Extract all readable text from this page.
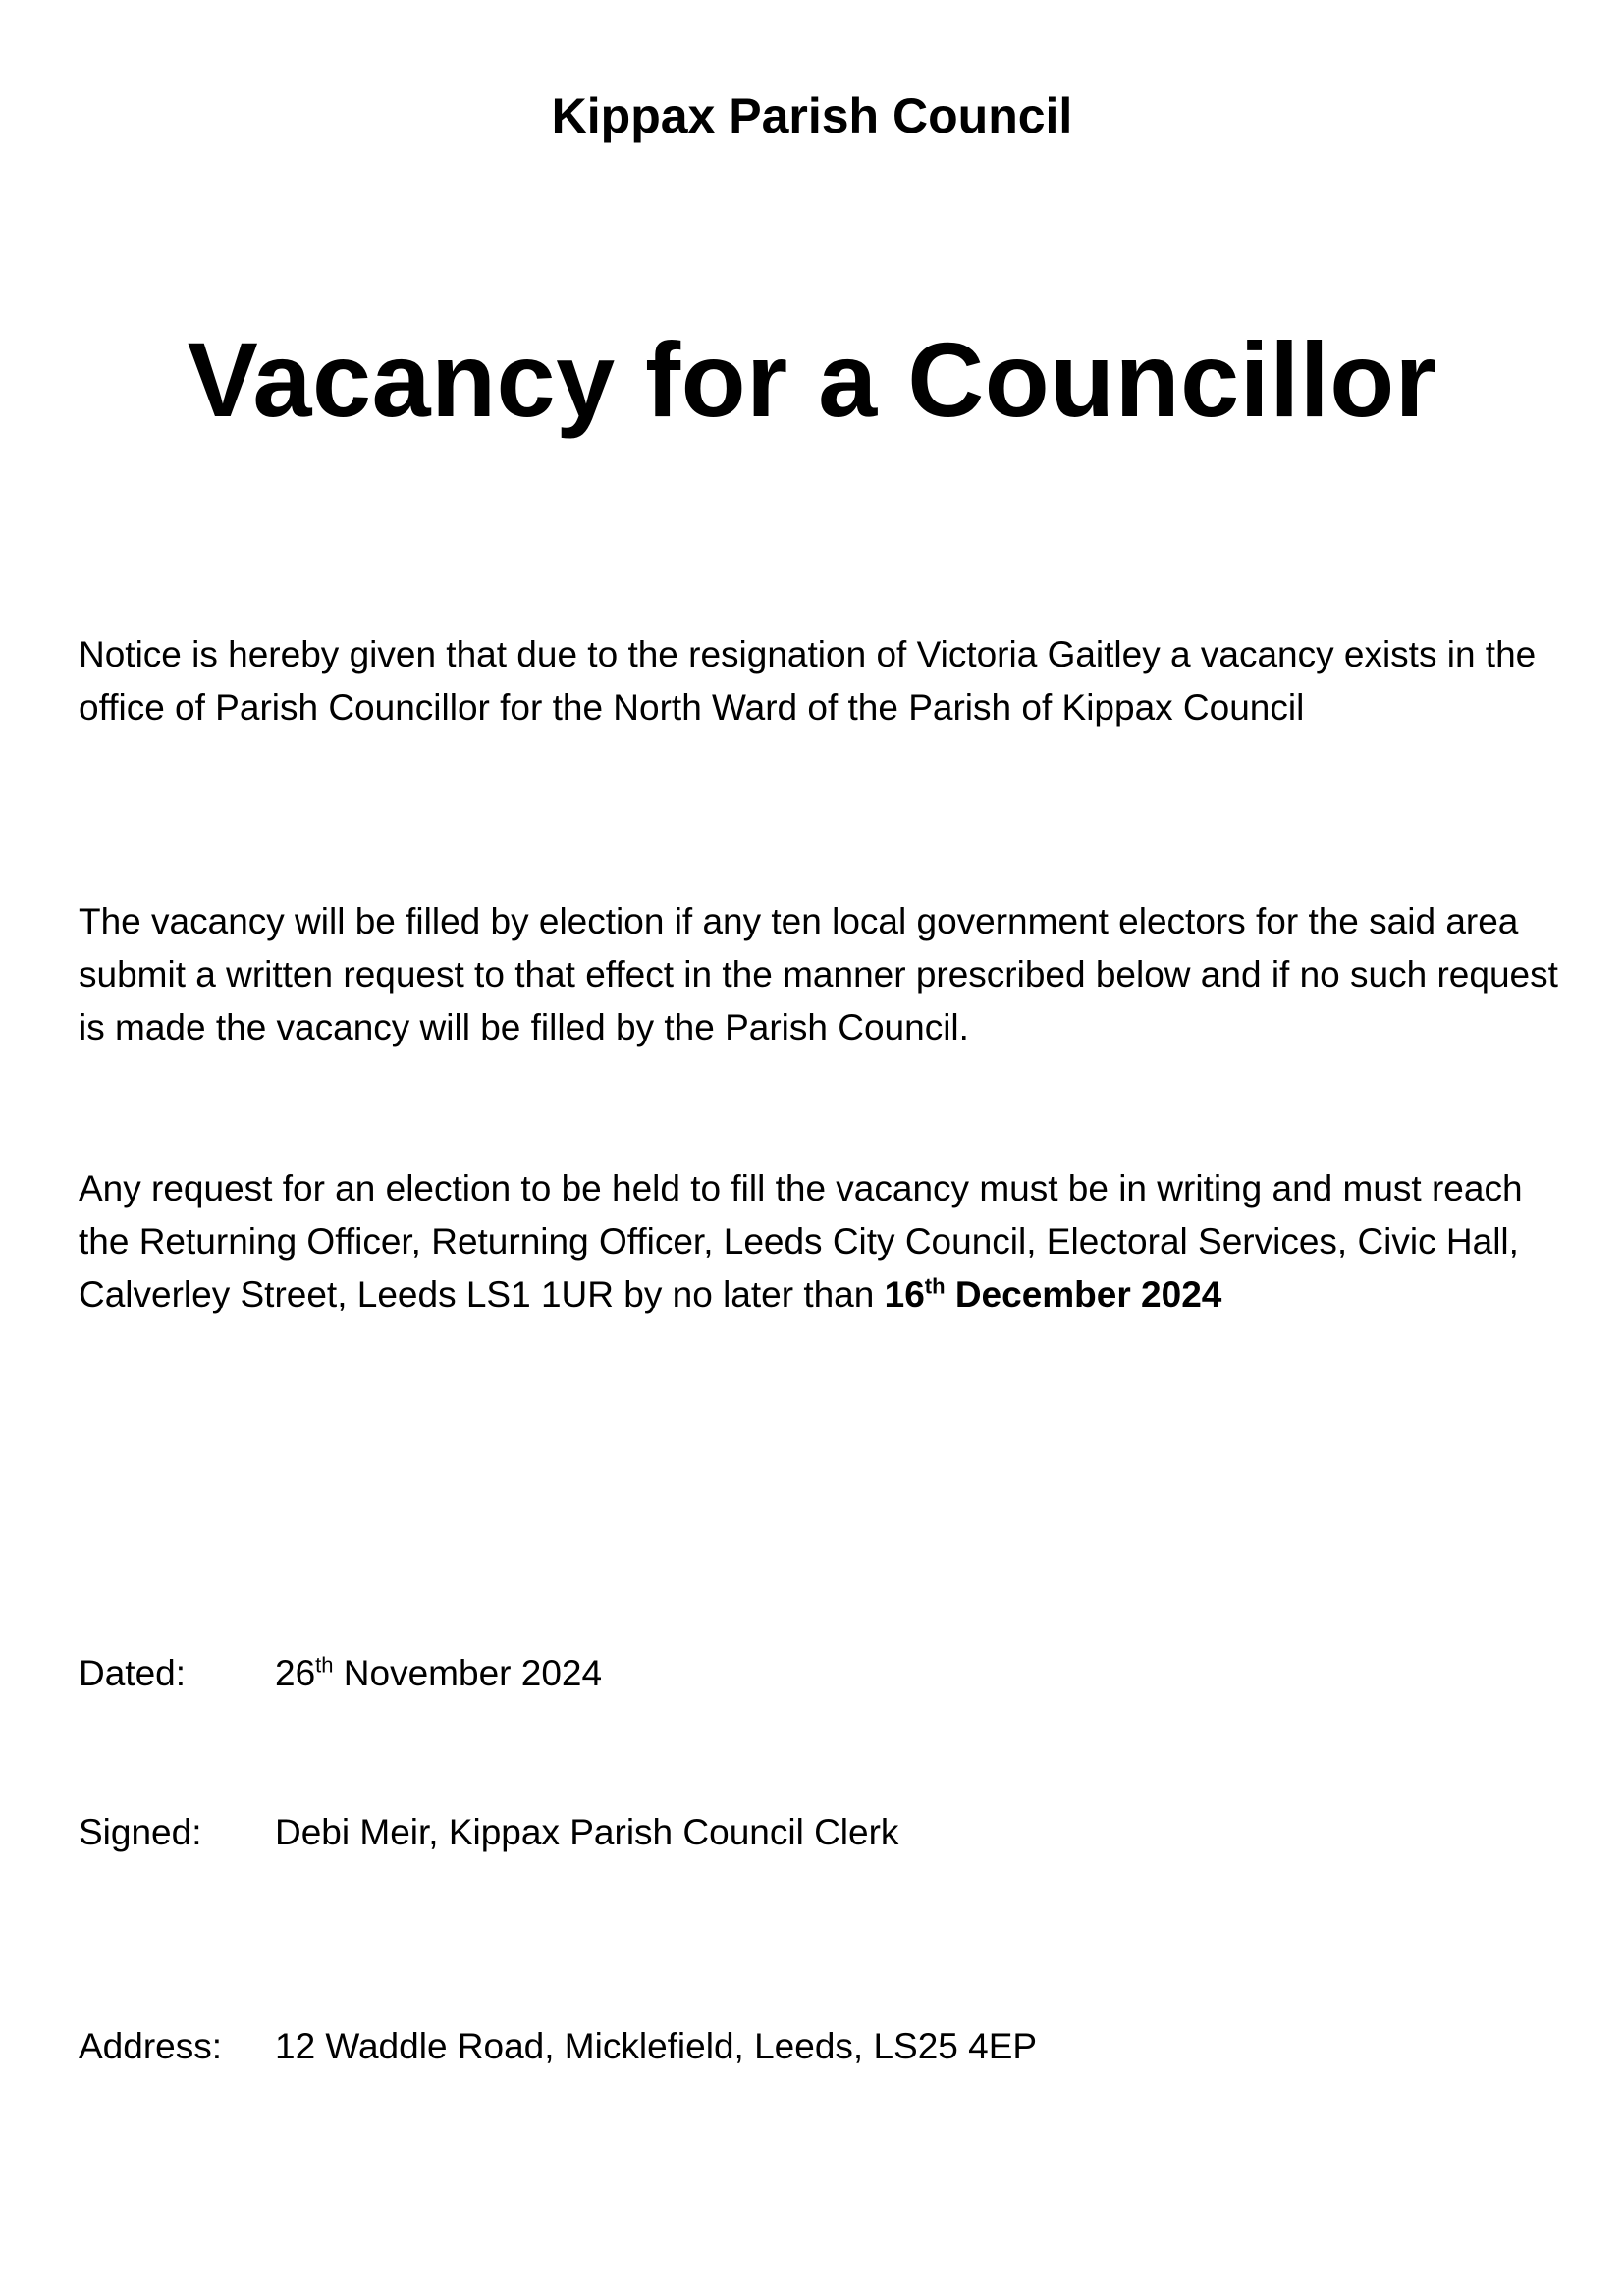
Kippax Parish Council
Vacancy for a Councillor
Notice is hereby given that due to the resignation of Victoria Gaitley a vacancy exists in the office of Parish Councillor for the North Ward of the Parish of Kippax Council
The vacancy will be filled by election if any ten local government electors for the said area submit a written request to that effect in the manner prescribed below and if no such request is made the vacancy will be filled by the Parish Council.
Any request for an election to be held to fill the vacancy must be in writing and must reach the Returning Officer, Returning Officer, Leeds City Council, Electoral Services, Civic Hall, Calverley Street, Leeds LS1 1UR by no later than 16th December 2024
Dated:	26th November 2024
Signed:	Debi Meir, Kippax Parish Council Clerk
Address:	12 Waddle Road, Micklefield, Leeds, LS25 4EP
